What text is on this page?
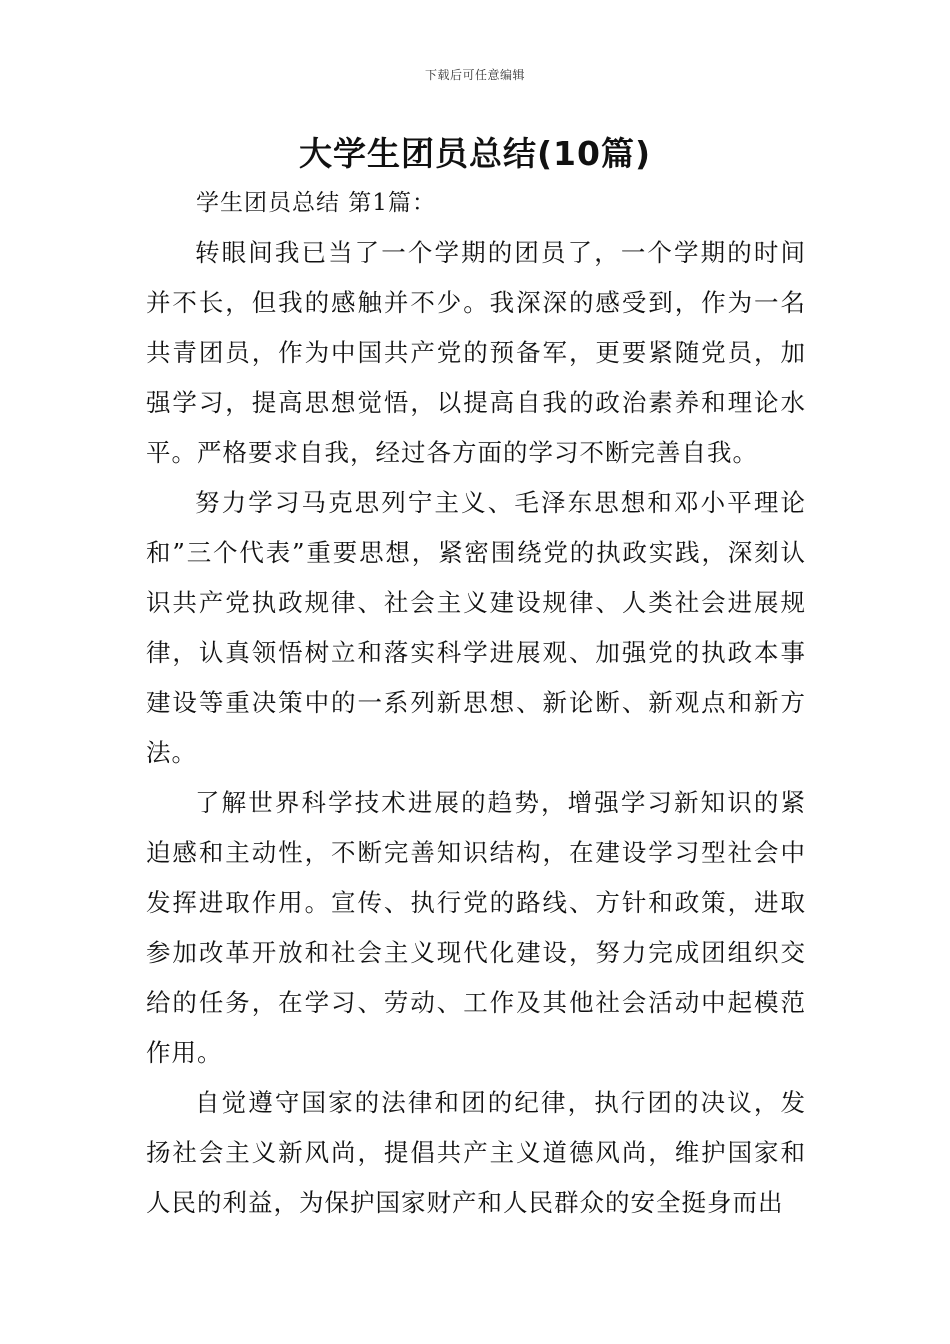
下载后可任意编辑
大学生团员总结(10篇)
学生团员总结 第1篇：

转眼间我已当了一个学期的团员了，一个学期的时间并不长，但我的感触并不少。我深深的感受到，作为一名共青团员，作为中国共产党的预备军，更要紧随党员，加强学习，提高思想觉悟，以提高自我的政治素养和理论水平。严格要求自我，经过各方面的学习不断完善自我。

努力学习马克思列宁主义、毛泽东思想和邓小平理论和”三个代表”重要思想，紧密围绕党的执政实践，深刻认识共产党执政规律、社会主义建设规律、人类社会进展规律，认真领悟树立和落实科学进展观、加强党的执政本事建设等重决策中的一系列新思想、新论断、新观点和新方法。

了解世界科学技术进展的趋势，增强学习新知识的紧迫感和主动性，不断完善知识结构，在建设学习型社会中发挥进取作用。宣传、执行党的路线、方针和政策，进取参加改革开放和社会主义现代化建设，努力完成团组织交给的任务，在学习、劳动、工作及其他社会活动中起模范作用。

自觉遵守国家的法律和团的纪律，执行团的决议，发扬社会主义新风尚，提倡共产主义道德风尚，维护国家和人民的利益，为保护国家财产和人民群众的安全挺身而出
